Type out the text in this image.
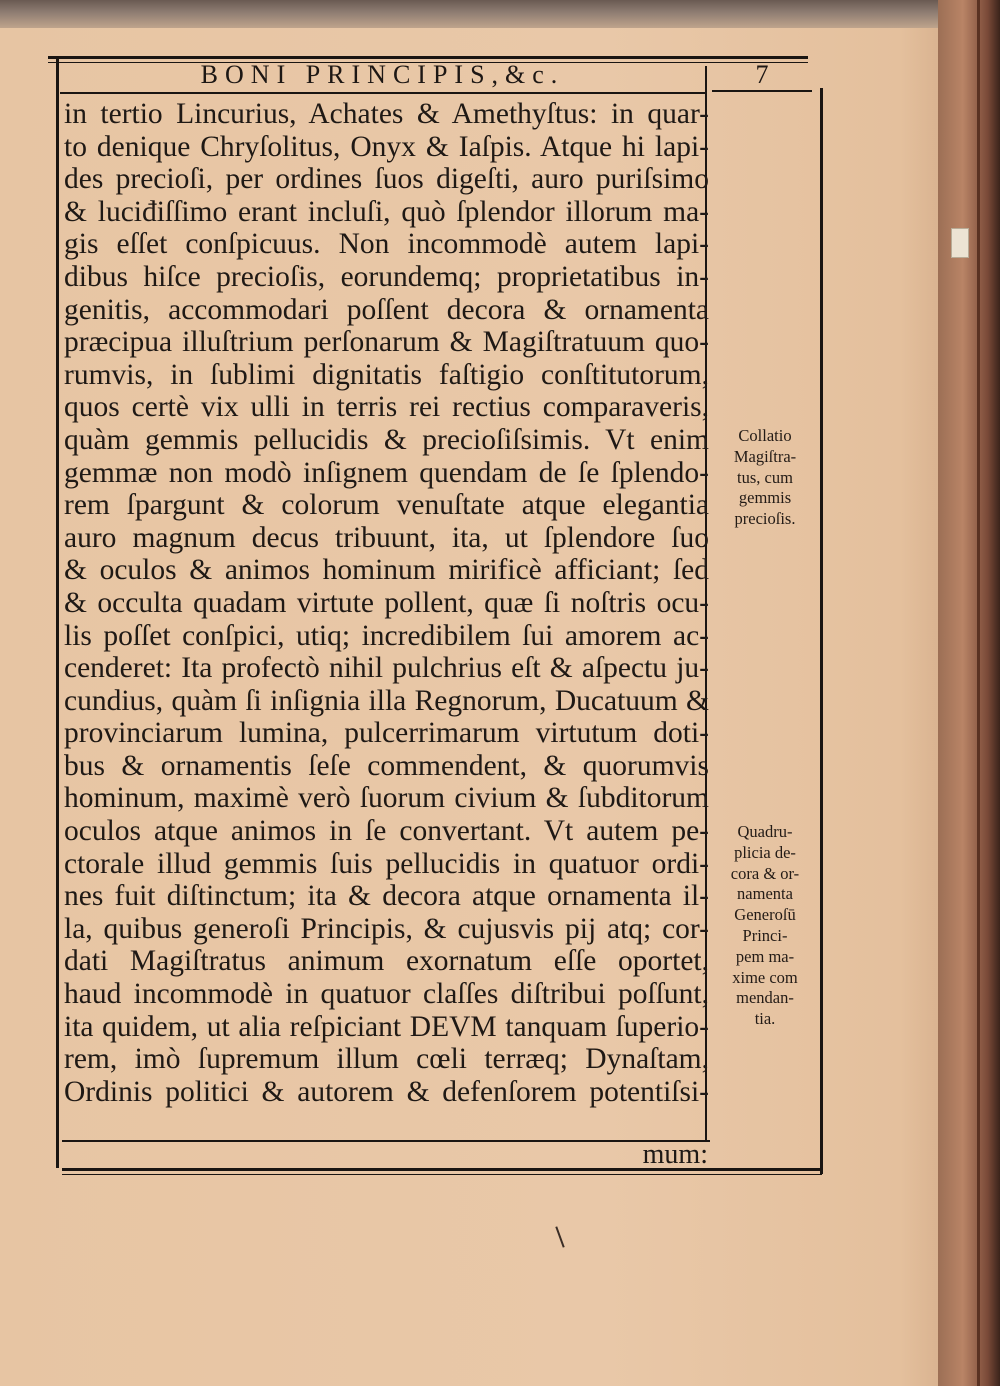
BONI PRINCIPIS,&c.	7
in tertio Lincurius, Achates & Amethyſtus: in quar-
to denique Chryſolitus, Onyx & Iaſpis. Atque hi lapi-
des precioſi, per ordines ſuos digeſti, auro puriſsimo
& luciđiſſimo erant incluſi, quò ſplendor illorum ma-
gis eſſet conſpicuus. Non incommodè autem lapi-
dibus hiſce precioſis, eorundemq; proprietatibus in-
genitis, accommodari poſſent decora & ornamenta
præcipua illuſtrium perſonarum & Magiſtratuum quo-
rumvis, in ſublimi dignitatis faſtigio conſtitutorum,
quos certè vix ulli in terris rei rectius comparaveris,
quàm gemmis pellucidis & precioſiſsimis. Vt enim
gemmæ non modò inſignem quendam de ſe ſplendo-
rem ſpargunt & colorum venuſtate atque elegantia
auro magnum decus tribuunt, ita, ut ſplendore ſuo
& oculos & animos hominum mirificè afficiant; ſed
& occulta quadam virtute pollent, quæ ſi noſtris ocu-
lis poſſet conſpici, utiq; incredibilem ſui amorem ac-
cenderet: Ita profectò nihil pulchrius eſt & aſpectu ju-
cundius, quàm ſi inſignia illa Regnorum, Ducatuum &
provinciarum lumina, pulcerrimarum virtutum doti-
bus & ornamentis ſeſe commendent, & quorumvis
hominum, maximè verò ſuorum civium & ſubditorum
oculos atque animos in ſe convertant. Vt autem pe-
ctorale illud gemmis ſuis pellucidis in quatuor ordi-
nes fuit diſtinctum; ita & decora atque ornamenta il-
la, quibus generoſi Principis, & cujusvis pij atq; cor-
dati Magiſtratus animum exornatum eſſe oportet,
haud incommodè in quatuor claſſes diſtribui poſſunt,
ita quidem, ut alia reſpiciant DEVM tanquam ſuperio-
rem, imò ſupremum illum cœli terræq; Dynaſtam,
Ordinis politici & autorem & defenſorem potentiſsi-
mum:
Collatio
Magiſtra-
tus, cum
gemmis
precioſis.
Quadru-
plicia de-
cora & or-
namenta
Generoſū
Princi-
pem ma-
xime com
mendan-
tia.
